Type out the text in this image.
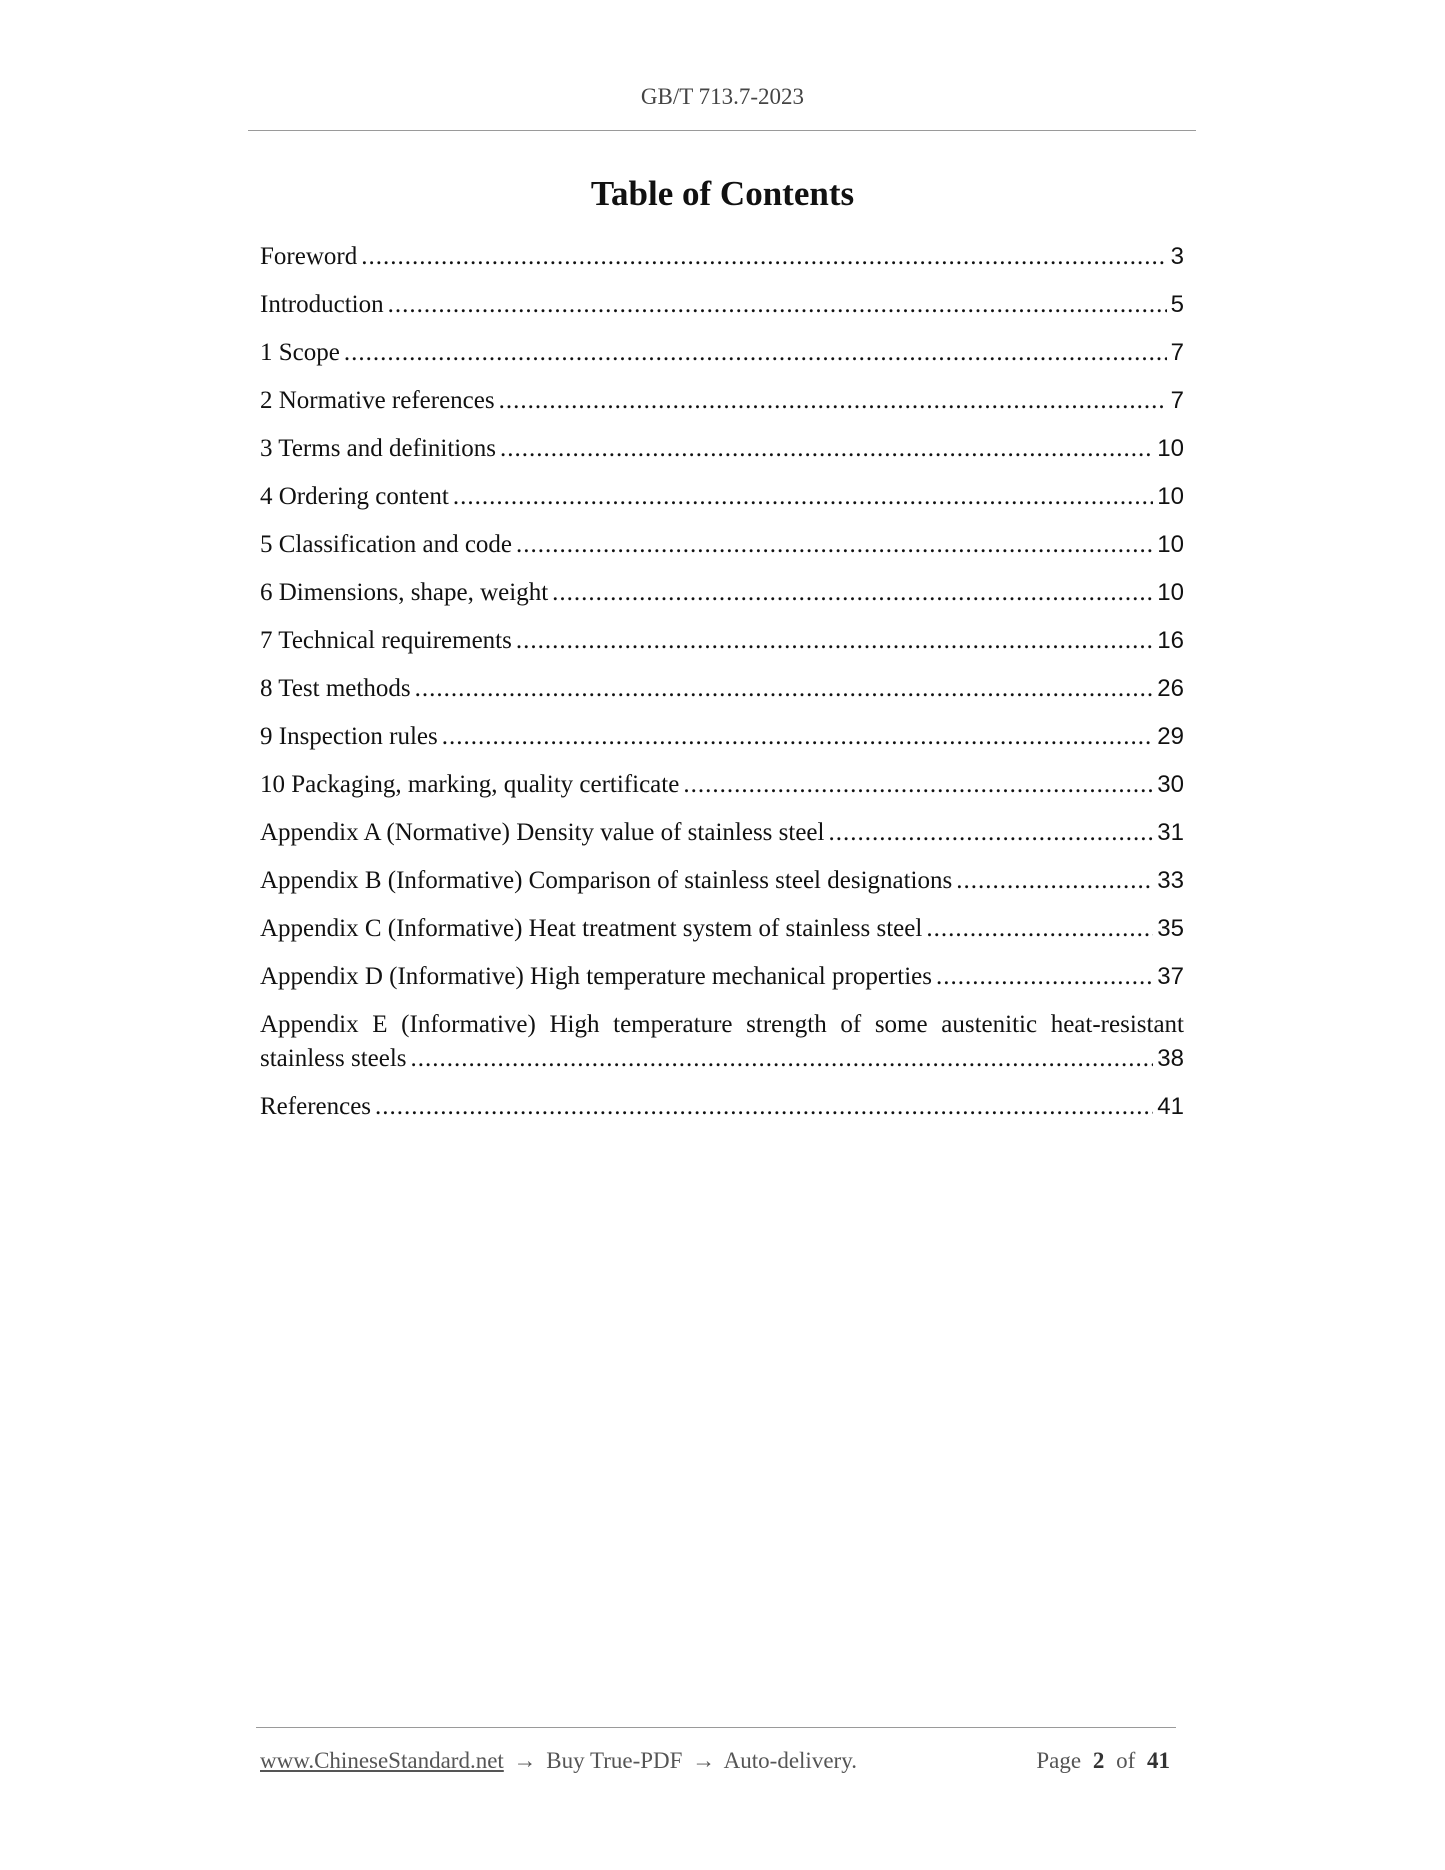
GB/T 713.7-2023
Table of Contents
Foreword .....	3
Introduction .....	5
1 Scope .....	7
2 Normative references .....	7
3 Terms and definitions .....	10
4 Ordering content .....	10
5 Classification and code .....	10
6 Dimensions, shape, weight .....	10
7 Technical requirements .....	16
8 Test methods .....	26
9 Inspection rules .....	29
10 Packaging, marking, quality certificate .....	30
Appendix A (Normative) Density value of stainless steel .....	31
Appendix B (Informative) Comparison of stainless steel designations .....	33
Appendix C (Informative) Heat treatment system of stainless steel .....	35
Appendix D (Informative) High temperature mechanical properties .....	37
Appendix E (Informative) High temperature strength of some austenitic heat-resistant
stainless steels .....	38
References .....	41
www.ChineseStandard.net → Buy True-PDF → Auto-delivery.	Page 2 of 41
